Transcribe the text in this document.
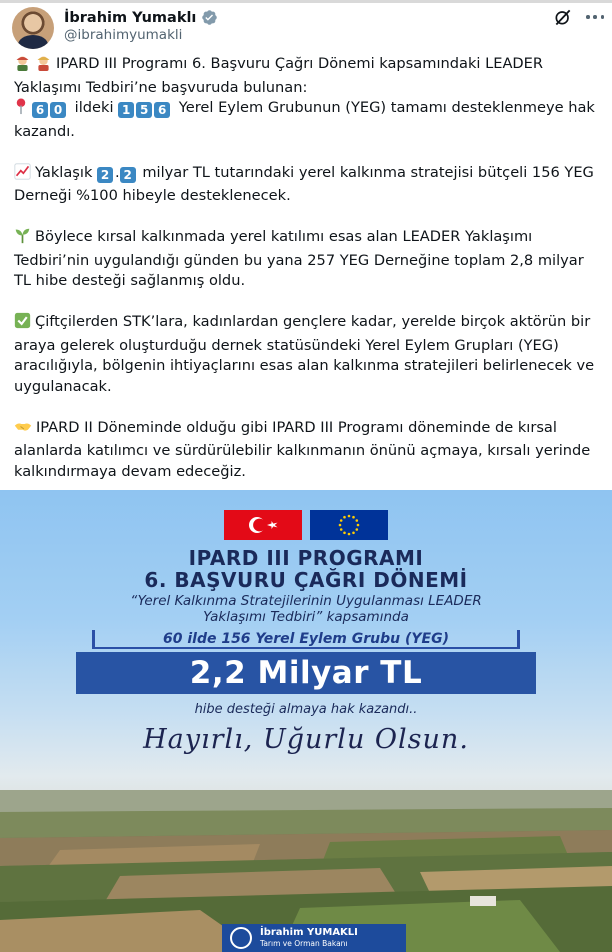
İbrahim Yumaklı
@ibrahimyumakli
IPARD III Programı 6. Başvuru Çağrı Dönemi kapsamındaki LEADER Yaklaşımı Tedbiri’ne başvuruda bulunan:
6 0 ildeki 1 5 6 Yerel Eylem Grubunun (YEG) tamamı desteklenmeye hak kazandı.
Yaklaşık 2 . 2 milyar TL tutarındaki yerel kalkınma stratejisi bütçeli 156 YEG Derneği %100 hibeyle desteklenecek.
Böylece kırsal kalkınmada yerel katılımı esas alan LEADER Yaklaşımı Tedbiri’nin uygulandığı günden bu yana 257 YEG Derneğine toplam 2,8 milyar TL hibe desteği sağlanmış oldu.
Çiftçilerden STK’lara, kadınlardan gençlere kadar, yerelde birçok aktörün bir araya gelerek oluşturduğu dernek statüsündeki Yerel Eylem Grupları (YEG) aracılığıyla, bölgenin ihtiyaçlarını esas alan kalkınma stratejileri belirlenecek ve uygulanacak.
IPARD II Döneminde olduğu gibi IPARD III Programı döneminde de kırsal alanlarda katılımcı ve sürdürülebilir kalkınmanın önünü açmaya, kırsalı yerinde kalkındırmaya devam edeceğiz.
IPARD III PROGRAMI
6. BAŞVURU ÇAĞRI DÖNEMİ
“Yerel Kalkınma Stratejilerinin Uygulanması LEADER
Yaklaşımı Tedbiri” kapsamında
60 ilde 156 Yerel Eylem Grubu (YEG)
2,2 Milyar TL
hibe desteği almaya hak kazandı..
Hayırlı, Uğurlu Olsun.
İbrahim YUMAKLI
Tarım ve Orman Bakanı
